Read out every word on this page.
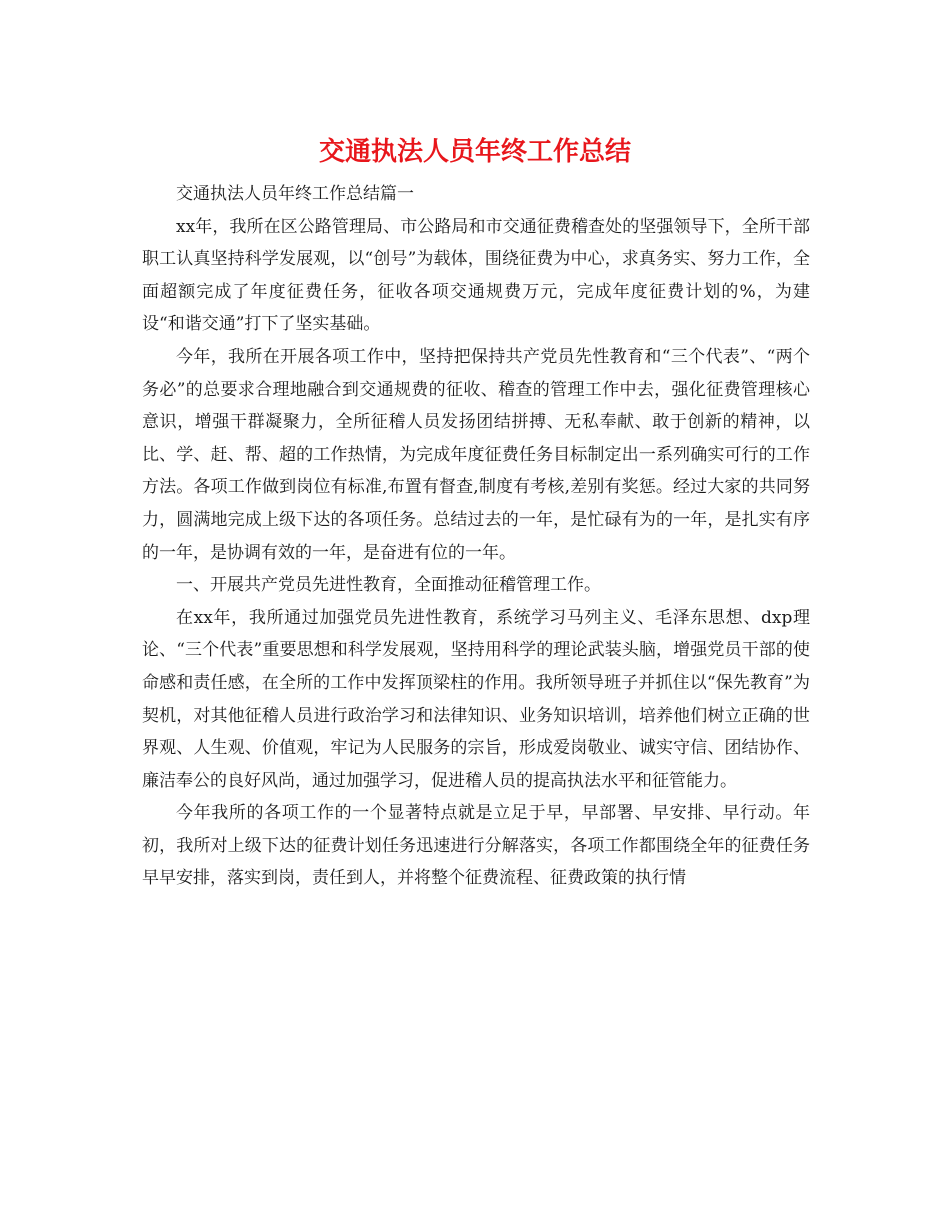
交通执法人员年终工作总结

交通执法人员年终工作总结篇一

xx年，我所在区公路管理局、市公路局和市交通征费稽查处的坚强领导下，全所干部职工认真坚持科学发展观，以“创号”为载体，围绕征费为中心，求真务实、努力工作，全面超额完成了年度征费任务，征收各项交通规费万元，完成年度征费计划的%，为建设“和谐交通”打下了坚实基础。

今年，我所在开展各项工作中，坚持把保持共产党员先性教育和“三个代表”、“两个务必”的总要求合理地融合到交通规费的征收、稽查的管理工作中去，强化征费管理核心意识，增强干群凝聚力，全所征稽人员发扬团结拼搏、无私奉献、敢于创新的精神，以比、学、赶、帮、超的工作热情，为完成年度征费任务目标制定出一系列确实可行的工作方法。各项工作做到岗位有标准,布置有督查,制度有考核,差别有奖惩。经过大家的共同努力，圆满地完成上级下达的各项任务。总结过去的一年，是忙碌有为的一年，是扎实有序的一年，是协调有效的一年，是奋进有位的一年。

一、开展共产党员先进性教育，全面推动征稽管理工作。

在xx年，我所通过加强党员先进性教育，系统学习马列主义、毛泽东思想、dxp理论、“三个代表”重要思想和科学发展观，坚持用科学的理论武装头脑，增强党员干部的使命感和责任感，在全所的工作中发挥顶梁柱的作用。我所领导班子并抓住以“保先教育”为契机，对其他征稽人员进行政治学习和法律知识、业务知识培训，培养他们树立正确的世界观、人生观、价值观，牢记为人民服务的宗旨，形成爱岗敬业、诚实守信、团结协作、廉洁奉公的良好风尚，通过加强学习，促进稽人员的提高执法水平和征管能力。

今年我所的各项工作的一个显著特点就是立足于早，早部署、早安排、早行动。年初，我所对上级下达的征费计划任务迅速进行分解落实，各项工作都围绕全年的征费任务早早安排，落实到岗，责任到人，并将整个征费流程、征费政策的执行情
